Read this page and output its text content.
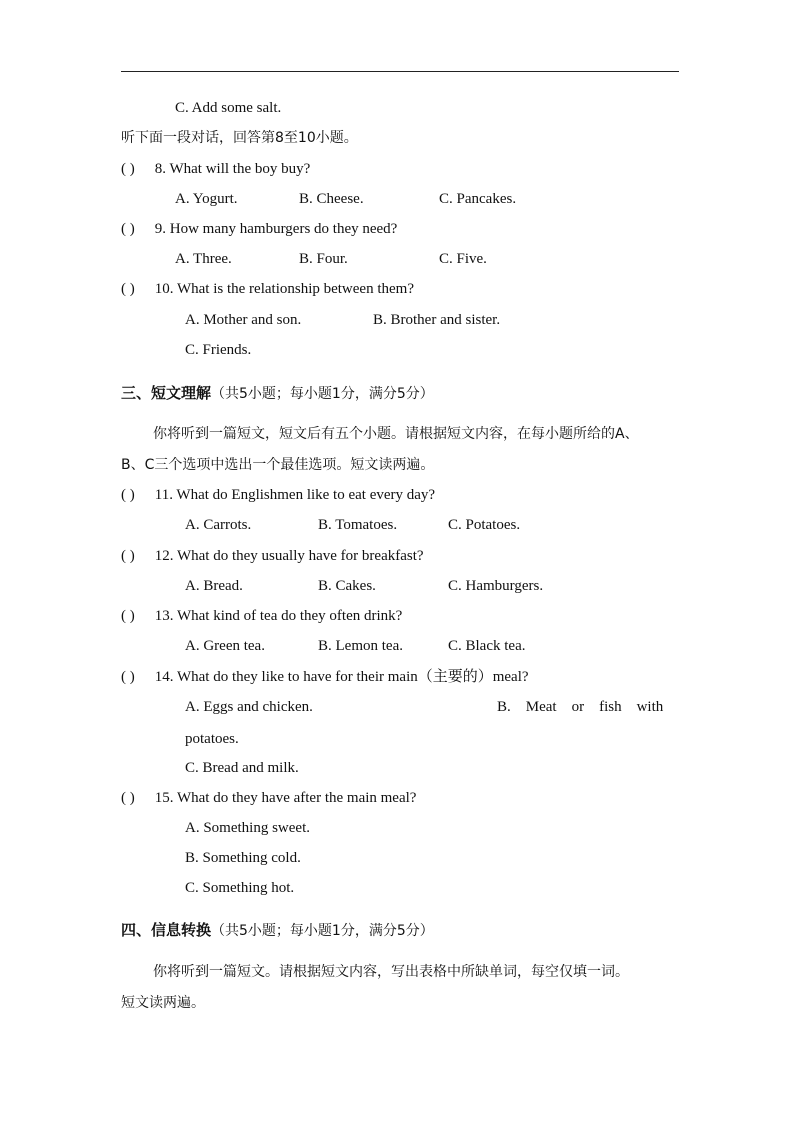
C. Add some salt.
听下面一段对话，回答第8至10小题。
( ) 8. What will the boy buy?
A. Yogurt.	B. Cheese.	C. Pancakes.
( ) 9. How many hamburgers do they need?
A. Three.	B. Four.	C. Five.
( ) 10. What is the relationship between them?
A. Mother and son.	B. Brother and sister.
C. Friends.
三、短文理解（共5小题；每小题1分，满分5分）
你将听到一篇短文，短文后有五个小题。请根据短文内容，在每小题所给的A、
B、C三个选项中选出一个最佳选项。短文读两遍。
( ) 11. What do Englishmen like to eat every day?
A. Carrots.	B. Tomatoes.	C. Potatoes.
( ) 12. What do they usually have for breakfast?
A. Bread.	B. Cakes.	C. Hamburgers.
( ) 13. What kind of tea do they often drink?
A. Green tea.	B. Lemon tea.	C. Black tea.
( ) 14. What do they like to have for their main（主要的）meal?
A. Eggs and chicken.	B.    Meat    or    fish    with
potatoes.
C. Bread and milk.
( ) 15. What do they have after the main meal?
A. Something sweet.
B. Something cold.
C. Something hot.
四、信息转换（共5小题；每小题1分，满分5分）
你将听到一篇短文。请根据短文内容，写出表格中所缺单词，每空仅填一词。
短文读两遍。
